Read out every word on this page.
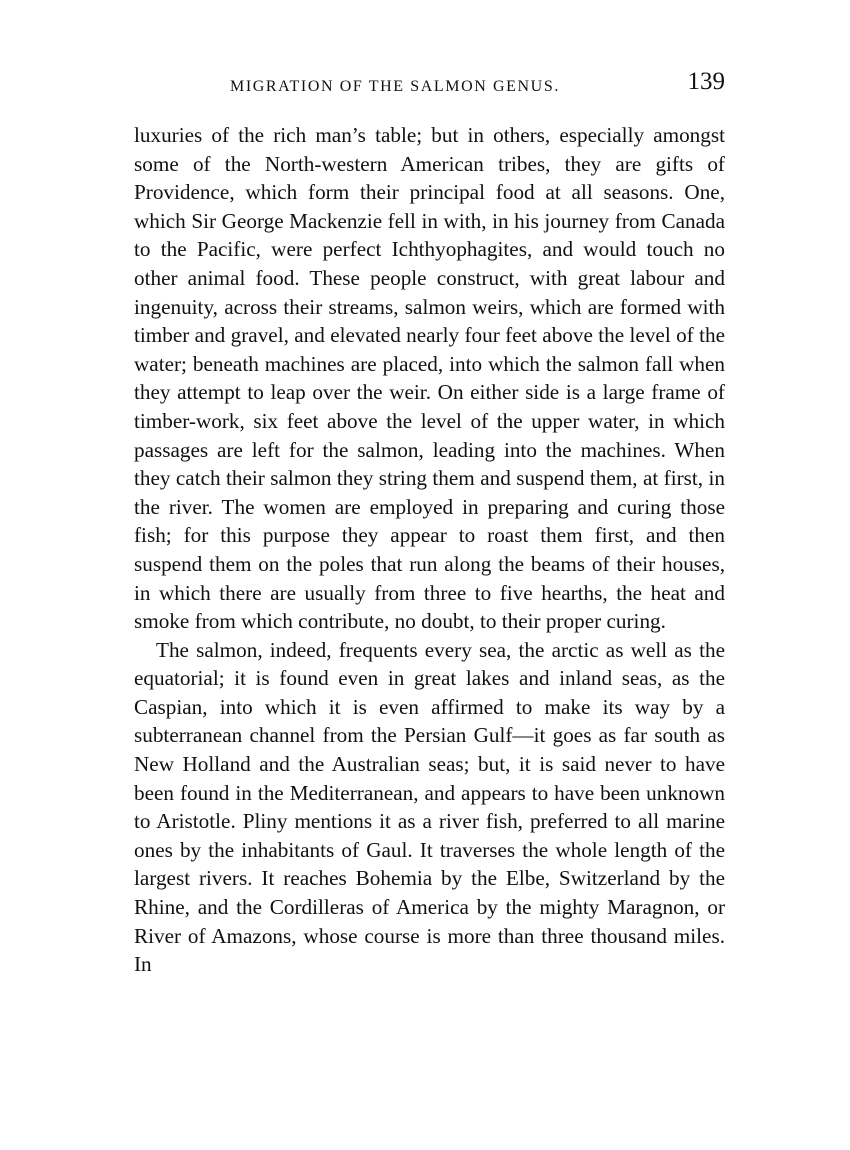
MIGRATION OF THE SALMON GENUS.	139

luxuries of the rich man’s table; but in others, especially amongst some of the North-western American tribes, they are gifts of Providence, which form their principal food at all seasons. One, which Sir George Mackenzie fell in with, in his journey from Canada to the Pacific, were perfect Ichthyophagites, and would touch no other animal food. These people construct, with great labour and ingenuity, across their streams, salmon weirs, which are formed with timber and gravel, and elevated nearly four feet above the level of the water; beneath machines are placed, into which the salmon fall when they attempt to leap over the weir. On either side is a large frame of timber-work, six feet above the level of the upper water, in which passages are left for the salmon, leading into the machines. When they catch their salmon they string them and suspend them, at first, in the river. The women are employed in preparing and curing those fish; for this purpose they appear to roast them first, and then suspend them on the poles that run along the beams of their houses, in which there are usually from three to five hearths, the heat and smoke from which contribute, no doubt, to their proper curing.

The salmon, indeed, frequents every sea, the arctic as well as the equatorial; it is found even in great lakes and inland seas, as the Caspian, into which it is even affirmed to make its way by a subterranean channel from the Persian Gulf—it goes as far south as New Holland and the Australian seas; but, it is said never to have been found in the Mediterranean, and appears to have been unknown to Aristotle. Pliny mentions it as a river fish, preferred to all marine ones by the inhabitants of Gaul. It traverses the whole length of the largest rivers. It reaches Bohemia by the Elbe, Switzerland by the Rhine, and the Cordilleras of America by the mighty Maragnon, or River of Amazons, whose course is more than three thousand miles. In
